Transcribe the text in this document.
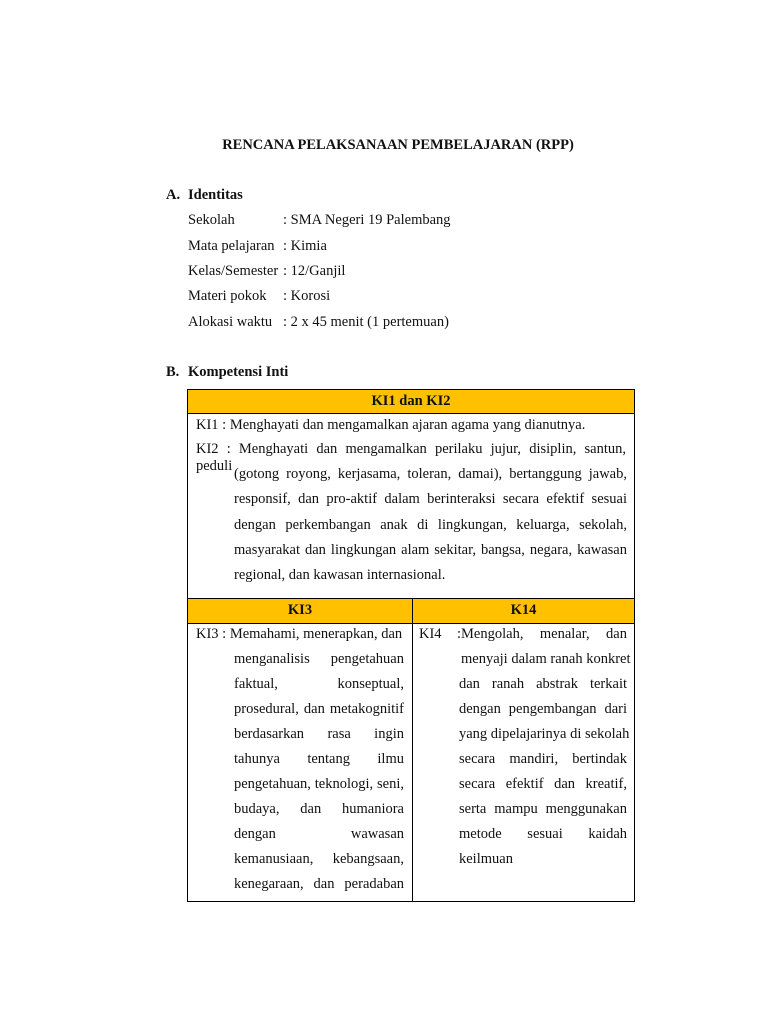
RENCANA PELAKSANAAN PEMBELAJARAN (RPP)
A. Identitas
Sekolah	: SMA Negeri 19 Palembang
Mata pelajaran : Kimia
Kelas/Semester : 12/Ganjil
Materi pokok : Korosi
Alokasi waktu : 2 x 45 menit (1 pertemuan)
B. Kompetensi Inti
KI1 dan KI2
KI1 : Menghayati dan mengamalkan ajaran agama yang dianutnya.
KI2 : Menghayati dan mengamalkan perilaku jujur, disiplin, santun, peduli (gotong royong, kerjasama, toleran, damai), bertanggung jawab, responsif, dan pro-aktif dalam berinteraksi secara efektif sesuai dengan perkembangan anak di lingkungan, keluarga, sekolah, masyarakat dan lingkungan alam sekitar, bangsa, negara, kawasan regional, dan kawasan internasional.
KI3	K14
KI3 : Memahami, menerapkan, dan
menganalisis pengetahuan
faktual, konseptual,
prosedural, dan metakognitif
berdasarkan rasa ingin
tahunya tentang ilmu
pengetahuan, teknologi, seni,
budaya, dan humaniora
dengan wawasan
kemanusiaan, kebangsaan,
kenegaraan, dan peradaban
KI4 :Mengolah, menalar, dan
menyaji dalam ranah konkret
dan ranah abstrak terkait
dengan pengembangan dari
yang dipelajarinya di sekolah
secara mandiri, bertindak
secara efektif dan kreatif,
serta mampu menggunakan
metode sesuai kaidah
keilmuan
